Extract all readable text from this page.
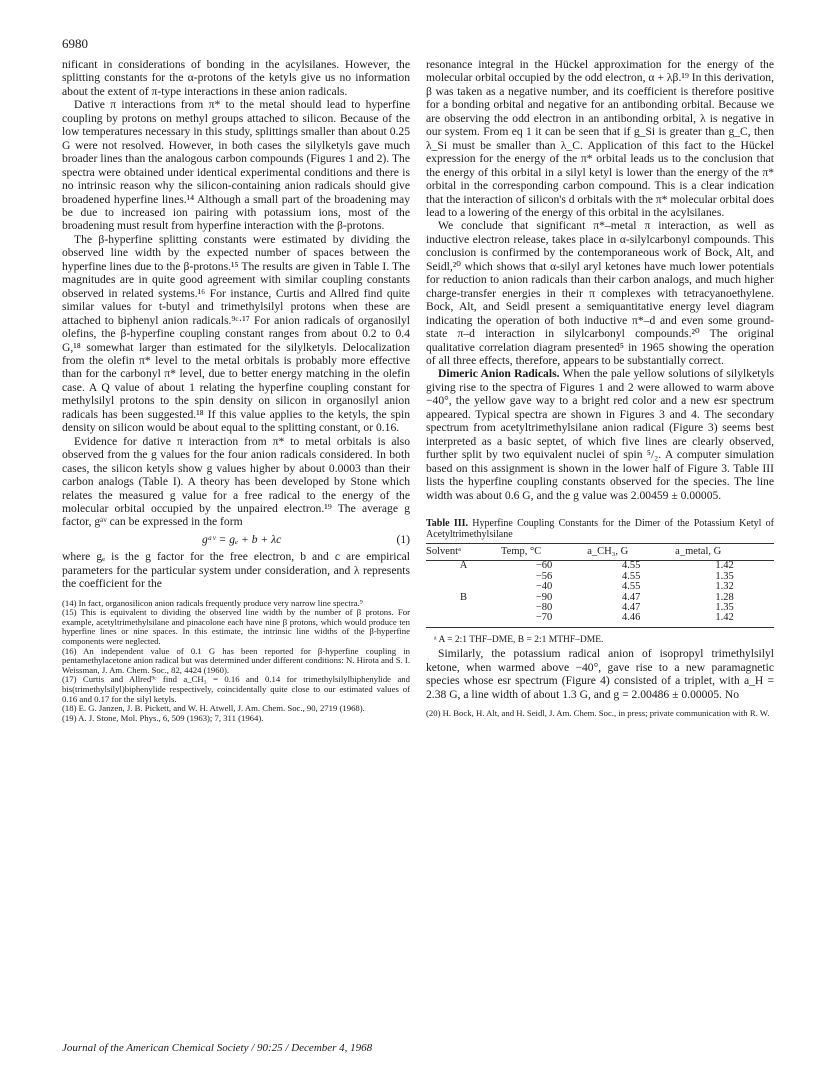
6980

nificant in considerations of bonding in the acylsilanes. However, the splitting constants for the α-protons of the ketyls give us no information about the extent of π-type interactions in these anion radicals.

Dative π interactions from π* to the metal should lead to hyperfine coupling by protons on methyl groups attached to silicon. Because of the low temperatures necessary in this study, splittings smaller than about 0.25 G were not resolved. However, in both cases the silylketyls gave much broader lines than the analogous carbon compounds (Figures 1 and 2). The spectra were obtained under identical experimental conditions and there is no intrinsic reason why the silicon-containing anion radicals should give broadened hyperfine lines.¹⁴ Although a small part of the broadening may be due to increased ion pairing with potassium ions, most of the broadening must result from hyperfine interaction with the β-protons.

The β-hyperfine splitting constants were estimated by dividing the observed line width by the expected number of spaces between the hyperfine lines due to the β-protons.¹⁵ The results are given in Table I. The magnitudes are in quite good agreement with similar coupling constants observed in related systems.¹⁶ For instance, Curtis and Allred find quite similar values for t-butyl and trimethylsilyl protons when these are attached to biphenyl anion radicals.⁹ᶜ·¹⁷ For anion radicals of organosilyl olefins, the β-hyperfine coupling constant ranges from about 0.2 to 0.4 G,¹⁸ somewhat larger than estimated for the silylketyls. Delocalization from the olefin π* level to the metal orbitals is probably more effective than for the carbonyl π* level, due to better energy matching in the olefin case. A Q value of about 1 relating the hyperfine coupling constant for methylsilyl protons to the spin density on silicon in organosilyl anion radicals has been suggested.¹⁸ If this value applies to the ketyls, the spin density on silicon would be about equal to the splitting constant, or 0.16.

Evidence for dative π interaction from π* to metal orbitals is also observed from the g values for the four anion radicals considered. In both cases, the silicon ketyls show g values higher by about 0.0003 than their carbon analogs (Table I). A theory has been developed by Stone which relates the measured g value for a free radical to the energy of the molecular orbital occupied by the unpaired electron.¹⁹ The average g factor, gᵃᵛ can be expressed in the form

gᵃᵛ = gₑ + b + λc	(1)

where gₑ is the g factor for the free electron, b and c are empirical parameters for the particular system under consideration, and λ represents the coefficient for the

(14) In fact, organosilicon anion radicals frequently produce very narrow line spectra.⁹

(15) This is equivalent to dividing the observed line width by the number of β protons. For example, acetyltrimethylsilane and pinacolone each have nine β protons, which would produce ten hyperfine lines or nine spaces. In this estimate, the intrinsic line widths of the β-hyperfine components were neglected.

(16) An independent value of 0.1 G has been reported for β-hyperfine coupling in pentamethylacetone anion radical but was determined under different conditions: N. Hirota and S. I. Weissman, J. Am. Chem. Soc., 82, 4424 (1960).

(17) Curtis and Allred⁹ᶜ find a_CH₃ = 0.16 and 0.14 for trimethylsilylbiphenylide and bis(trimethylsilyl)biphenylide respectively, coincidentally quite close to our estimated values of 0.16 and 0.17 for the silyl ketyls.

(18) E. G. Janzen, J. B. Pickett, and W. H. Atwell, J. Am. Chem. Soc., 90, 2719 (1968).

(19) A. J. Stone, Mol. Phys., 6, 509 (1963); 7, 311 (1964).

resonance integral in the Hückel approximation for the energy of the molecular orbital occupied by the odd electron, α + λβ.¹⁹ In this derivation, β was taken as a negative number, and its coefficient is therefore positive for a bonding orbital and negative for an antibonding orbital. Because we are observing the odd electron in an antibonding orbital, λ is negative in our system. From eq 1 it can be seen that if g_Si is greater than g_C, then λ_Si must be smaller than λ_C. Application of this fact to the Hückel expression for the energy of the π* orbital leads us to the conclusion that the energy of this orbital in a silyl ketyl is lower than the energy of the π* orbital in the corresponding carbon compound. This is a clear indication that the interaction of silicon's d orbitals with the π* molecular orbital does lead to a lowering of the energy of this orbital in the acylsilanes.

We conclude that significant π*–metal π interaction, as well as inductive electron release, takes place in α-silylcarbonyl compounds. This conclusion is confirmed by the contemporaneous work of Bock, Alt, and Seidl,²⁰ which shows that α-silyl aryl ketones have much lower potentials for reduction to anion radicals than their carbon analogs, and much higher charge-transfer energies in their π complexes with tetracyanoethylene. Bock, Alt, and Seidl present a semiquantitative energy level diagram indicating the operation of both inductive π*–d and even some ground-state π–d interaction in silylcarbonyl compounds.²⁰ The original qualitative correlation diagram presented⁵ in 1965 showing the operation of all three effects, therefore, appears to be substantially correct.

Dimeric Anion Radicals. When the pale yellow solutions of silylketyls giving rise to the spectra of Figures 1 and 2 were allowed to warm above −40°, the yellow gave way to a bright red color and a new esr spectrum appeared. Typical spectra are shown in Figures 3 and 4. The secondary spectrum from acetyltrimethylsilane anion radical (Figure 3) seems best interpreted as a basic septet, of which five lines are clearly observed, further split by two equivalent nuclei of spin ⁵/₂. A computer simulation based on this assignment is shown in the lower half of Figure 3. Table III lists the hyperfine coupling constants observed for the species. The line width was about 0.6 G, and the g value was 2.00459 ± 0.00005.

Table III. Hyperfine Coupling Constants for the Dimer of the Potassium Ketyl of Acetyltrimethylsilane
Solventᵃ	Temp, °C	a_CH₃, G	a_metal, G
A	−60	4.55	1.42
	−56	4.55	1.35
	−40	4.55	1.32
B	−90	4.47	1.28
	−80	4.47	1.35
	−70	4.46	1.42
ᵃ A = 2:1 THF–DME, B = 2:1 MTHF–DME.

Similarly, the potassium radical anion of isopropyl trimethylsilyl ketone, when warmed above −40°, gave rise to a new paramagnetic species whose esr spectrum (Figure 4) consisted of a triplet, with a_H = 2.38 G, a line width of about 1.3 G, and g = 2.00486 ± 0.00005. No

(20) H. Bock, H. Alt, and H. Seidl, J. Am. Chem. Soc., in press; private communication with R. W.

Journal of the American Chemical Society / 90:25 / December 4, 1968
